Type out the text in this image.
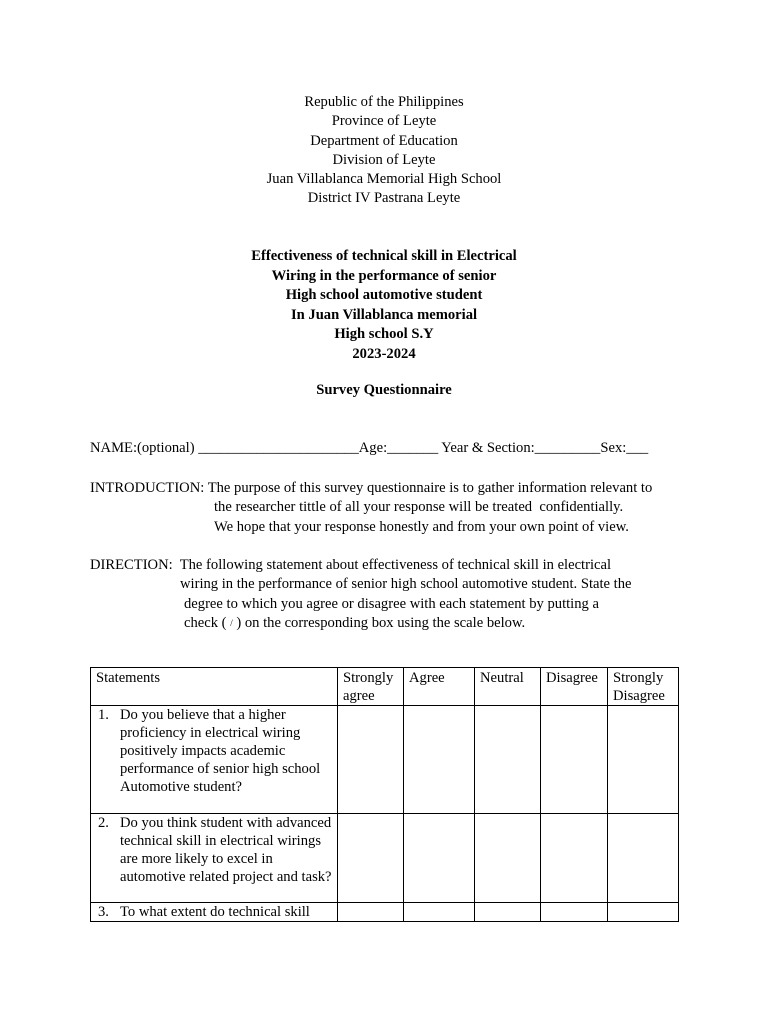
Republic of the Philippines
Province of Leyte
Department of Education
Division of Leyte
Juan Villablanca Memorial High School
District IV Pastrana Leyte
Effectiveness of technical skill in Electrical
Wiring in the performance of senior
High school automotive student
In Juan Villablanca memorial
High school S.Y
2023-2024
Survey Questionnaire
NAME:(optional) ______________________Age:_______ Year & Section:_________Sex:___
INTRODUCTION: The purpose of this survey questionnaire is to gather information relevant to
the researcher tittle of all your response will be treated  confidentially.
We hope that your response honestly and from your own point of view.
DIRECTION:  The following statement about effectiveness of technical skill in electrical
wiring in the performance of senior high school automotive student. State the
degree to which you agree or disagree with each statement by putting a
check ( / ) on the corresponding box using the scale below.
Statements	Strongly agree	Agree	Neutral	Disagree	Strongly Disagree

1. Do you believe that a higher proficiency in electrical wiring positively impacts academic performance of senior high school Automotive student?					

2. Do you think student with advanced technical skill in electrical wirings are more likely to excel in automotive related project and task?					

3. To what extent do technical skill					
